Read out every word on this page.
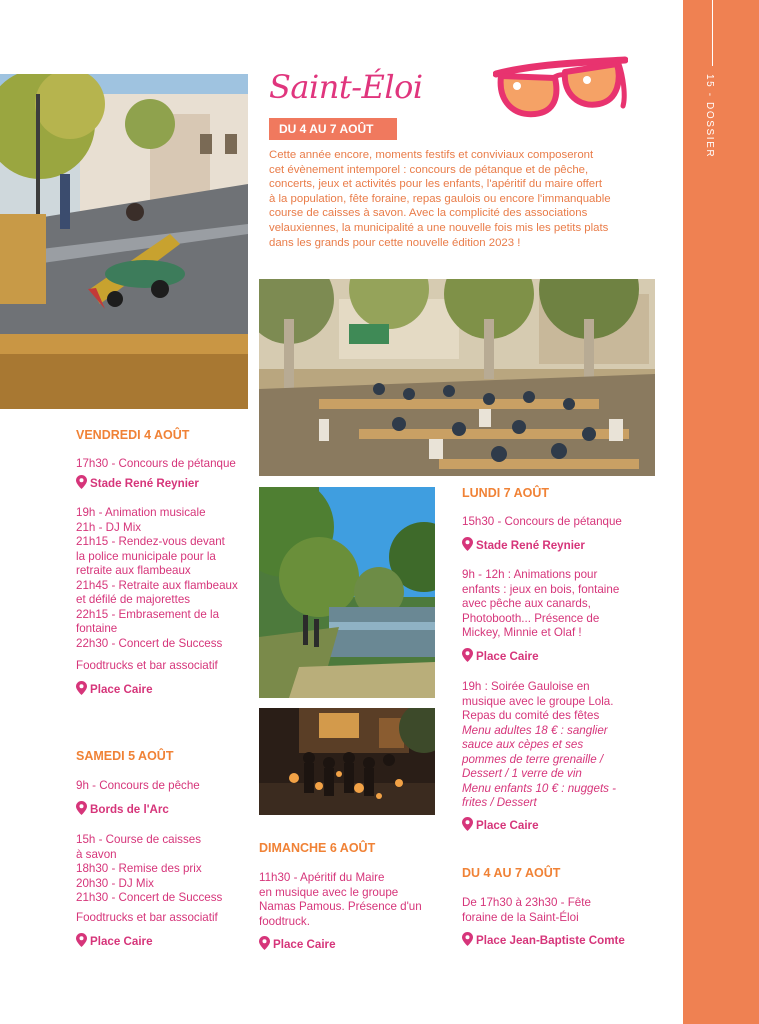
15 - DOSSIER
Saint-Éloi
DU 4 AU 7 AOÛT

Cette année encore, moments festifs et conviviaux composeront

cet évènement intemporel : concours de pétanque et de pêche,

concerts, jeux et activités pour les enfants, l'apéritif du maire offert

à la population, fête foraine, repas gaulois ou encore l'immanquable

course de caisses à savon. Avec la complicité des associations

velauxiennes, la municipalité a une nouvelle fois mis les petits plats

dans les grands pour cette nouvelle édition 2023 !

VENDREDI 4 AOÛT
17h30 - Concours de pétanque
Stade René Reynier
19h - Animation musicale
21h - DJ Mix
21h15 - Rendez-vous devant
la police municipale pour la
retraite aux flambeaux
21h45 - Retraite aux flambeaux
et défilé de majorettes
22h15 - Embrasement de la
fontaine
22h30 - Concert de Success
Foodtrucks et bar associatif
Place Caire
SAMEDI 5 AOÛT
9h - Concours de pêche
Bords de l'Arc
15h - Course de caisses
à savon
18h30 - Remise des prix
20h30 - DJ Mix
21h30 - Concert de Success
Foodtrucks et bar associatif
Place Caire
DIMANCHE 6 AOÛT
11h30 - Apéritif du Maire
en musique avec le groupe
Namas Pamous. Présence d'un
foodtruck.
Place Caire
LUNDI 7 AOÛT
15h30 - Concours de pétanque
Stade René Reynier
9h - 12h : Animations pour
enfants : jeux en bois, fontaine
avec pêche aux canards,
Photobooth... Présence de
Mickey, Minnie et Olaf !
Place Caire
19h : Soirée Gauloise en
musique avec le groupe Lola.
Repas du comité des fêtes
Menu adultes 18 € : sanglier
sauce aux cèpes et ses
pommes de terre grenaille /
Dessert / 1 verre de vin
Menu enfants 10 € : nuggets -
frites / Dessert
Place Caire
DU 4 AU 7 AOÛT
De 17h30 à 23h30 - Fête
foraine de la Saint-Éloi
Place Jean-Baptiste Comte
